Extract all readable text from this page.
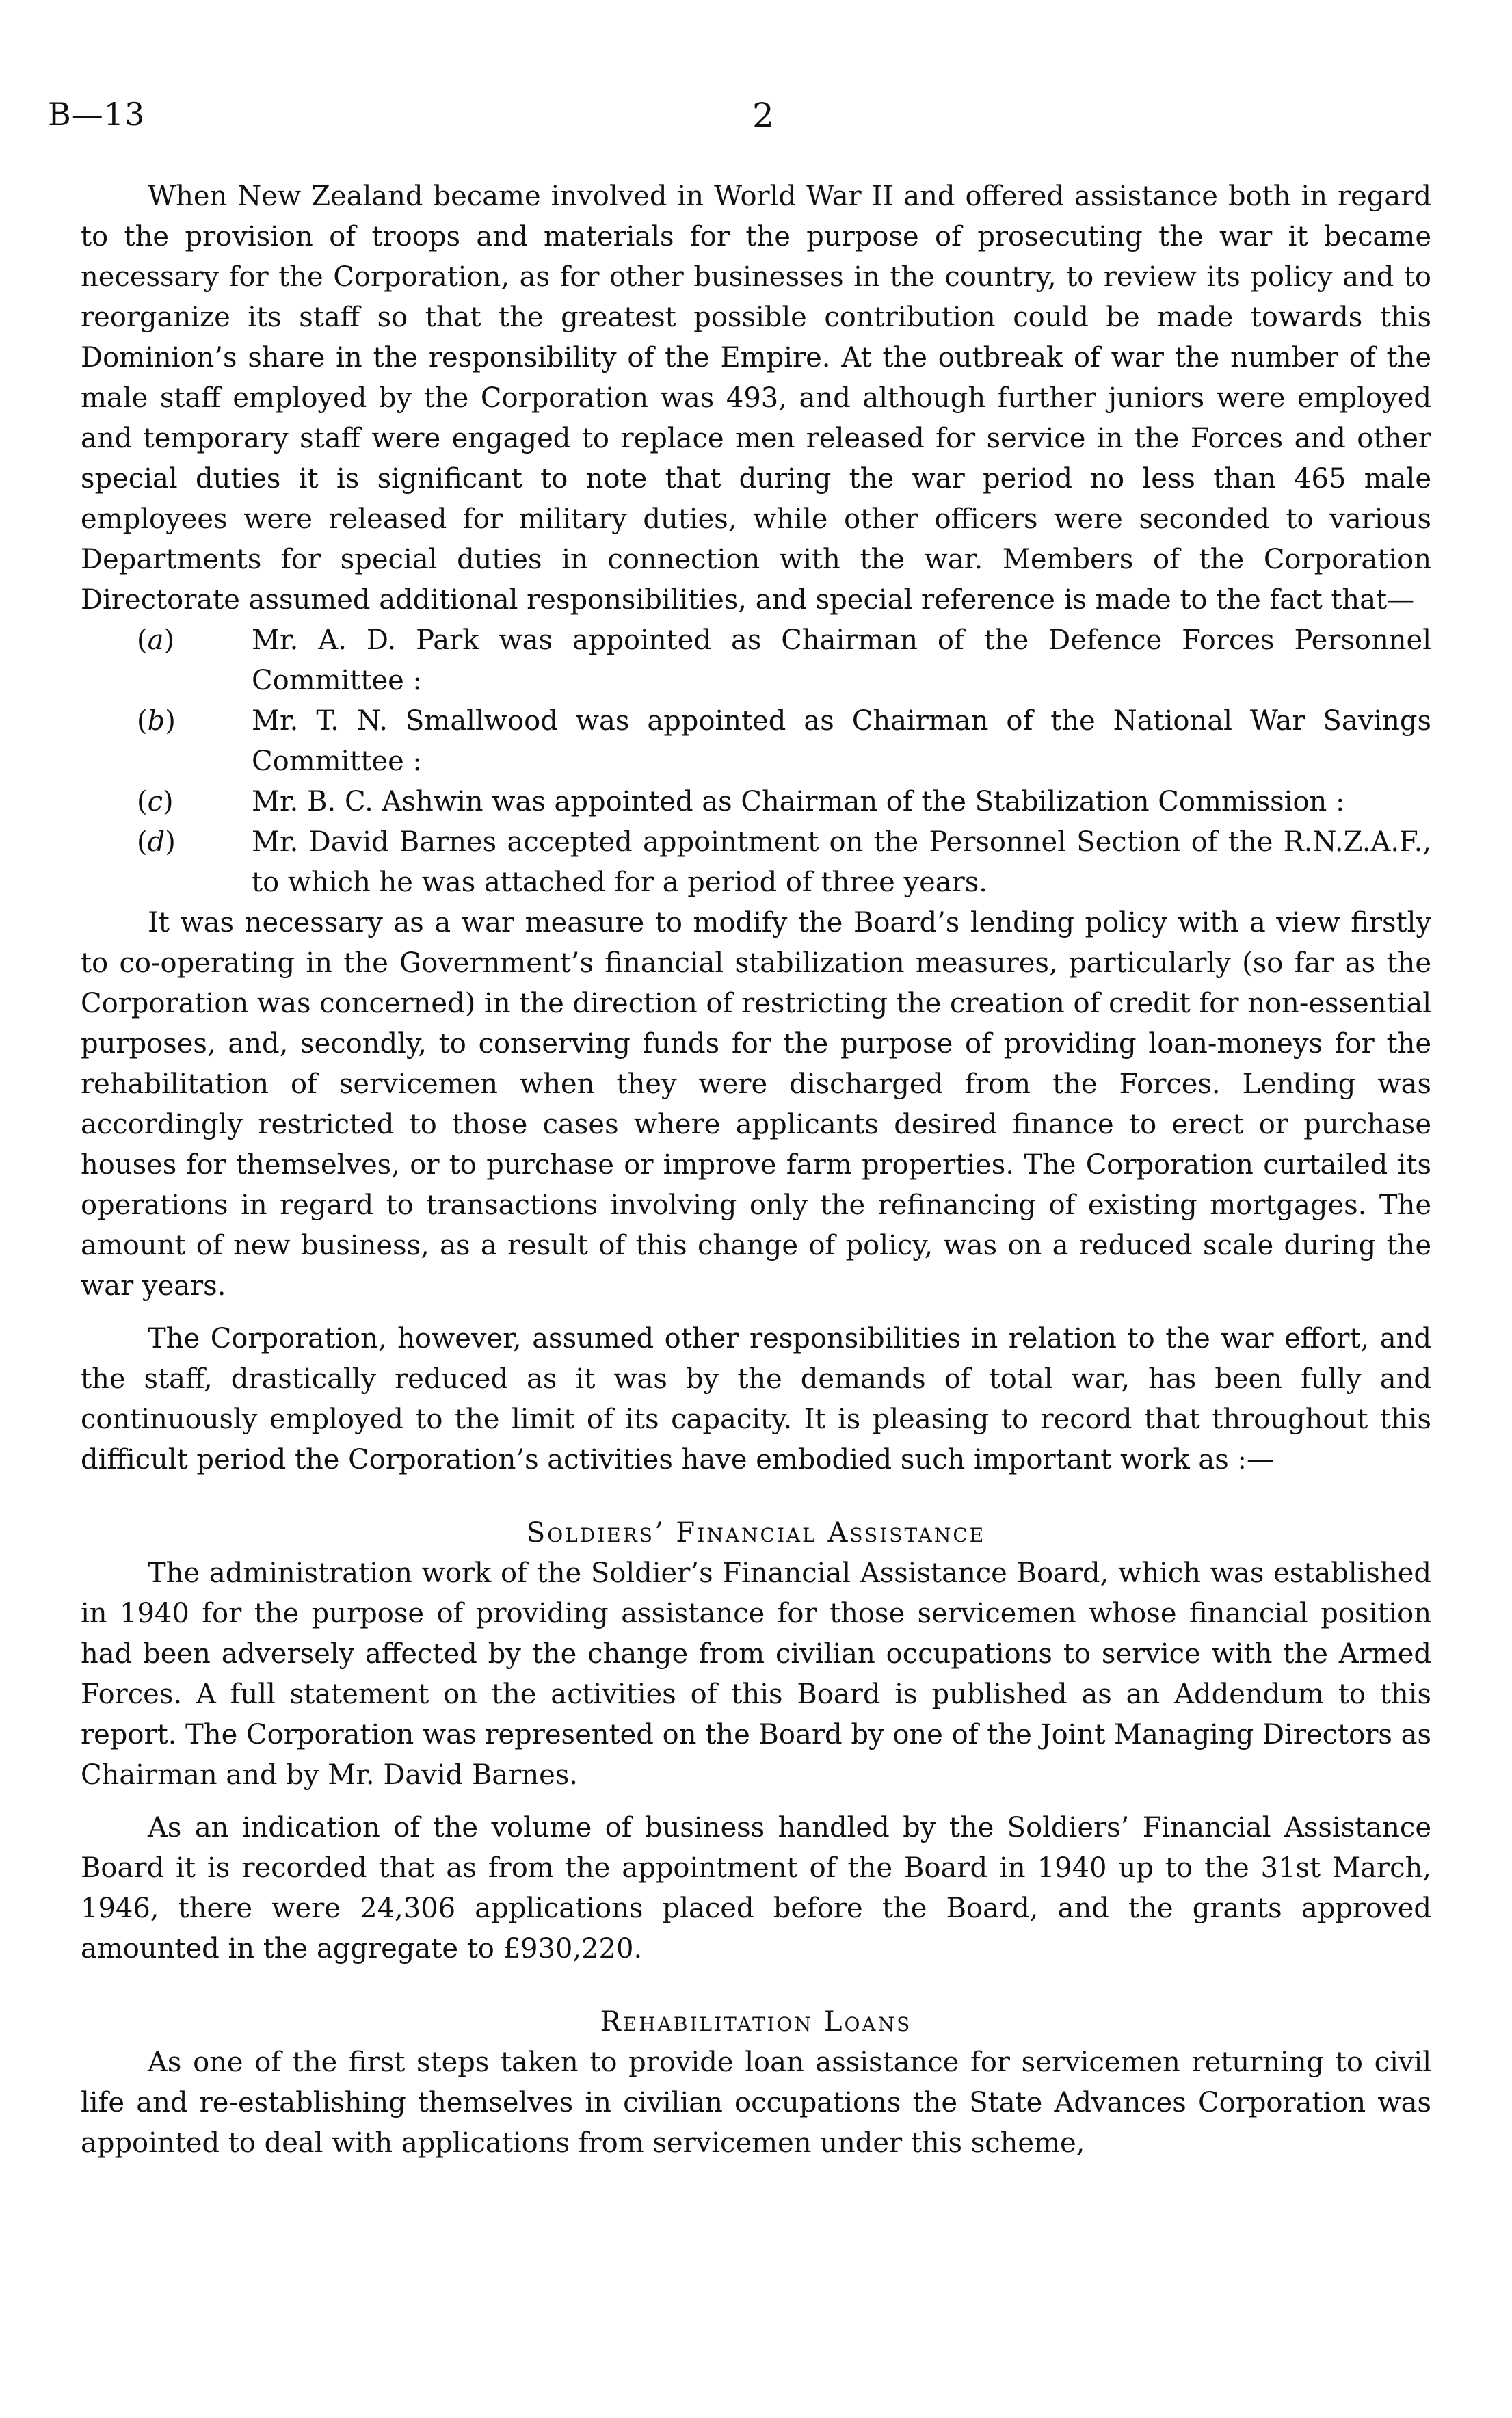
B—13	2

When New Zealand became involved in World War II and offered assistance both in regard to the provision of troops and materials for the purpose of prosecuting the war it became necessary for the Corporation, as for other businesses in the country, to review its policy and to reorganize its staff so that the greatest possible contribution could be made towards this Dominion’s share in the responsibility of the Empire. At the outbreak of war the number of the male staff employed by the Corporation was 493, and although further juniors were employed and temporary staff were engaged to replace men released for service in the Forces and other special duties it is significant to note that during the war period no less than 465 male employees were released for military duties, while other officers were seconded to various Departments for special duties in connection with the war. Members of the Corporation Directorate assumed additional responsibilities, and special reference is made to the fact that—

(a)	Mr. A. D. Park was appointed as Chairman of the Defence Forces Personnel Committee :
(b)	Mr. T. N. Smallwood was appointed as Chairman of the National War Savings Committee :
(c)	Mr. B. C. Ashwin was appointed as Chairman of the Stabilization Commission :
(d)	Mr. David Barnes accepted appointment on the Personnel Section of the R.N.Z.A.F., to which he was attached for a period of three years.

It was necessary as a war measure to modify the Board’s lending policy with a view firstly to co-operating in the Government’s financial stabilization measures, particularly (so far as the Corporation was concerned) in the direction of restricting the creation of credit for non-essential purposes, and, secondly, to conserving funds for the purpose of providing loan-moneys for the rehabilitation of servicemen when they were discharged from the Forces. Lending was accordingly restricted to those cases where applicants desired finance to erect or purchase houses for themselves, or to purchase or improve farm properties. The Corporation curtailed its operations in regard to transactions involving only the refinancing of existing mortgages. The amount of new business, as a result of this change of policy, was on a reduced scale during the war years.

The Corporation, however, assumed other responsibilities in relation to the war effort, and the staff, drastically reduced as it was by the demands of total war, has been fully and continuously employed to the limit of its capacity. It is pleasing to record that throughout this difficult period the Corporation’s activities have embodied such important work as :—

Soldiers’ Financial Assistance

The administration work of the Soldier’s Financial Assistance Board, which was established in 1940 for the purpose of providing assistance for those servicemen whose financial position had been adversely affected by the change from civilian occupations to service with the Armed Forces. A full statement on the activities of this Board is published as an Addendum to this report. The Corporation was represented on the Board by one of the Joint Managing Directors as Chairman and by Mr. David Barnes.

As an indication of the volume of business handled by the Soldiers’ Financial Assistance Board it is recorded that as from the appointment of the Board in 1940 up to the 31st March, 1946, there were 24,306 applications placed before the Board, and the grants approved amounted in the aggregate to £930,220.

Rehabilitation Loans

As one of the first steps taken to provide loan assistance for servicemen returning to civil life and re-establishing themselves in civilian occupations the State Advances Corporation was appointed to deal with applications from servicemen under this scheme,
